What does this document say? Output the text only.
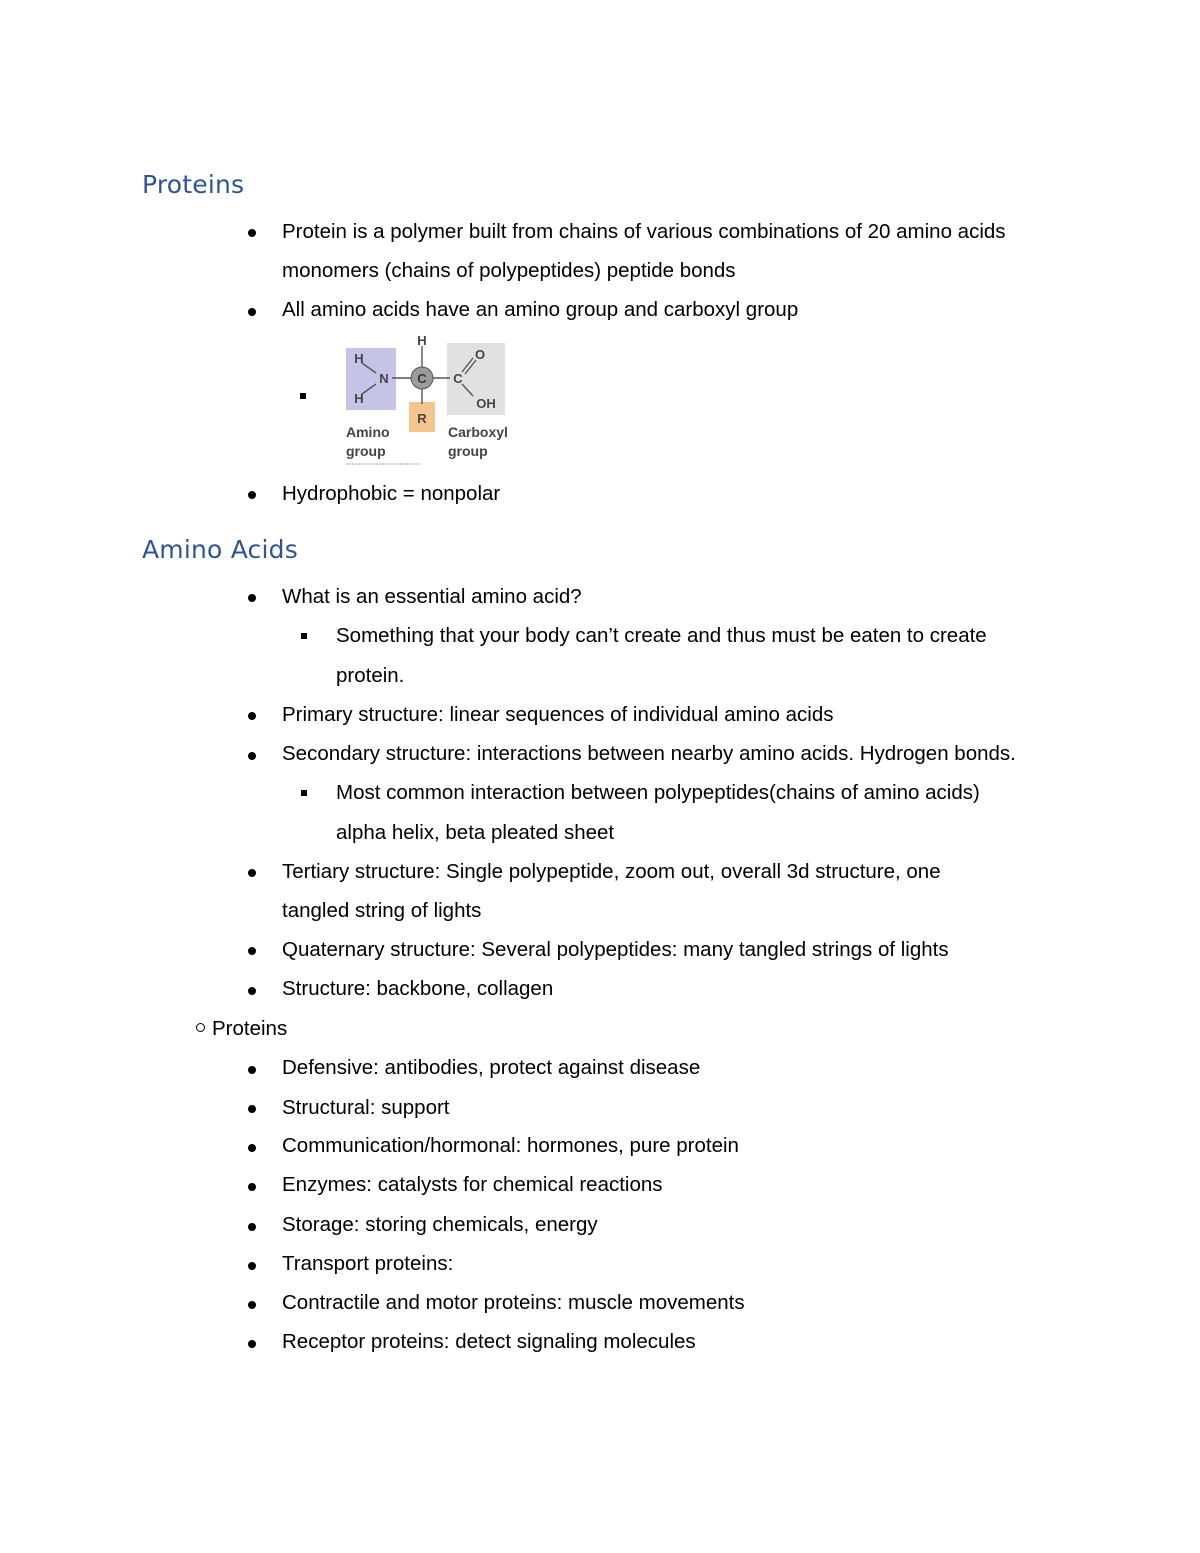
Proteins
Protein is a polymer built from chains of various combinations of 20 amino acids
monomers (chains of polypeptides) peptide bonds
All amino acids have an amino group and carboxyl group
H
H
H
N C C
O
OH
R
Amino
group
Carboxyl
group
Hydrophobic = nonpolar
Amino Acids
What is an essential amino acid?
Something that your body can’t create and thus must be eaten to create
protein.
Primary structure: linear sequences of individual amino acids
Secondary structure: interactions between nearby amino acids. Hydrogen bonds.
Most common interaction between polypeptides(chains of amino acids)
alpha helix, beta pleated sheet
Tertiary structure: Single polypeptide, zoom out, overall 3d structure, one
tangled string of lights
Quaternary structure: Several polypeptides: many tangled strings of lights
Structure: backbone, collagen
Proteins
Defensive: antibodies, protect against disease
Structural: support
Communication/hormonal: hormones, pure protein
Enzymes: catalysts for chemical reactions
Storage: storing chemicals, energy
Transport proteins:
Contractile and motor proteins: muscle movements
Receptor proteins: detect signaling molecules
